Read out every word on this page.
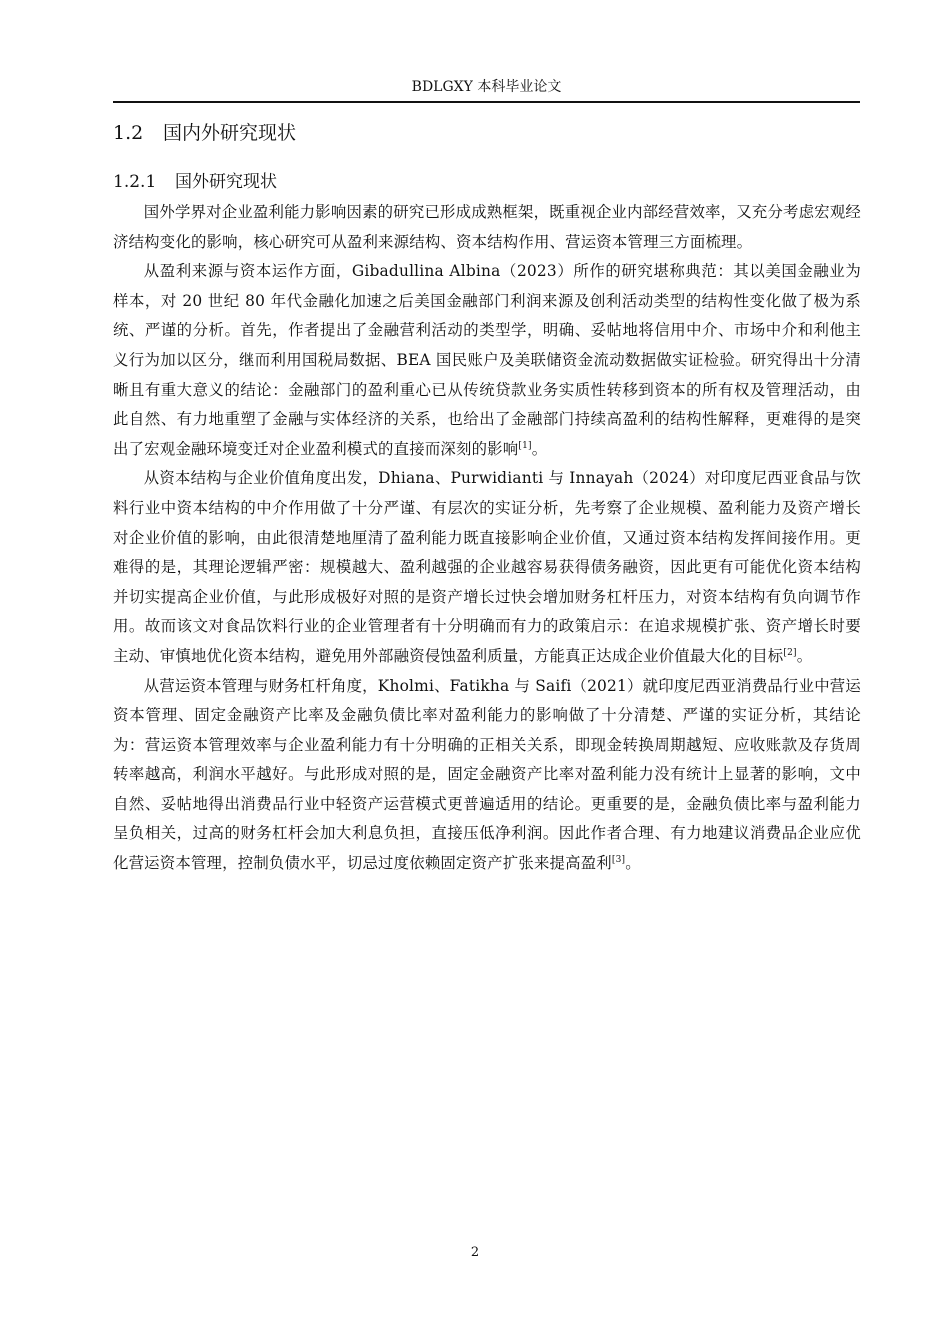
BDLGXY 本科毕业论文
1.2 国内外研究现状
1.2.1 国外研究现状

国外学界对企业盈利能力影响因素的研究已形成成熟框架，既重视企业内部经营效率，又充分考虑宏观经济结构变化的影响，核心研究可从盈利来源结构、资本结构作用、营运资本管理三方面梳理。

从盈利来源与资本运作方面，Gibadullina Albina（2023）所作的研究堪称典范：其以美国金融业为样本，对 20 世纪 80 年代金融化加速之后美国金融部门利润来源及创利活动类型的结构性变化做了极为系统、严谨的分析。首先，作者提出了金融营利活动的类型学，明确、妥帖地将信用中介、市场中介和利他主义行为加以区分，继而利用国税局数据、BEA 国民账户及美联储资金流动数据做实证检验。研究得出十分清晰且有重大意义的结论：金融部门的盈利重心已从传统贷款业务实质性转移到资本的所有权及管理活动，由此自然、有力地重塑了金融与实体经济的关系，也给出了金融部门持续高盈利的结构性解释，更难得的是突出了宏观金融环境变迁对企业盈利模式的直接而深刻的影响[1]。

从资本结构与企业价值角度出发，Dhiana、Purwidianti 与 Innayah（2024）对印度尼西亚食品与饮料行业中资本结构的中介作用做了十分严谨、有层次的实证分析，先考察了企业规模、盈利能力及资产增长对企业价值的影响，由此很清楚地厘清了盈利能力既直接影响企业价值，又通过资本结构发挥间接作用。更难得的是，其理论逻辑严密：规模越大、盈利越强的企业越容易获得债务融资，因此更有可能优化资本结构并切实提高企业价值，与此形成极好对照的是资产增长过快会增加财务杠杆压力，对资本结构有负向调节作用。故而该文对食品饮料行业的企业管理者有十分明确而有力的政策启示：在追求规模扩张、资产增长时要主动、审慎地优化资本结构，避免用外部融资侵蚀盈利质量，方能真正达成企业价值最大化的目标[2]。

从营运资本管理与财务杠杆角度，Kholmi、Fatikha 与 Saifi（2021）就印度尼西亚消费品行业中营运资本管理、固定金融资产比率及金融负债比率对盈利能力的影响做了十分清楚、严谨的实证分析，其结论为：营运资本管理效率与企业盈利能力有十分明确的正相关关系，即现金转换周期越短、应收账款及存货周转率越高，利润水平越好。与此形成对照的是，固定金融资产比率对盈利能力没有统计上显著的影响，文中自然、妥帖地得出消费品行业中轻资产运营模式更普遍适用的结论。更重要的是，金融负债比率与盈利能力呈负相关，过高的财务杠杆会加大利息负担，直接压低净利润。因此作者合理、有力地建议消费品企业应优化营运资本管理，控制负债水平，切忌过度依赖固定资产扩张来提高盈利[3]。

2
